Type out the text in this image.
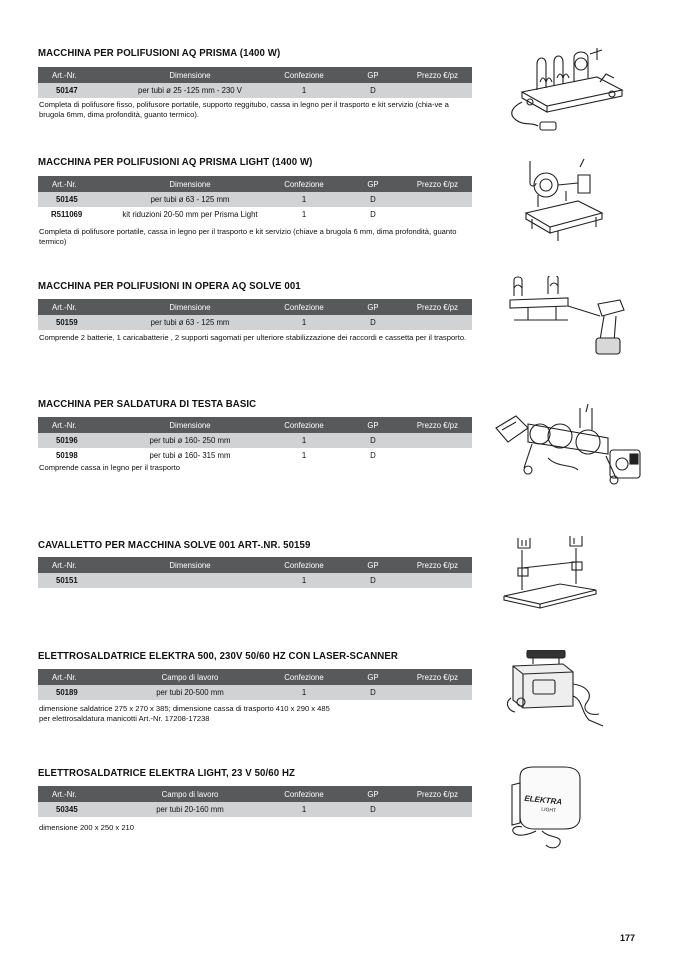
MACCHINA PER POLIFUSIONI AQ PRISMA (1400 W)
Art.-Nr.	Dimensione	Confezione	GP	Prezzo €/pz
50147	per tubi ø 25 -125 mm - 230 V	1	D	
Completa di polifusore fisso, polifusore portatile, supporto reggitubo, cassa in legno per il trasporto e kit servizio (chia-ve a brugola 6mm, dima profondità, guanto termico).
MACCHINA PER POLIFUSIONI AQ PRISMA LIGHT (1400 W)
Art.-Nr.	Dimensione	Confezione	GP	Prezzo €/pz
50145	per tubi ø 63 - 125 mm	1	D	
R511069	kit riduzioni 20-50 mm per Prisma Light	1	D	
Completa di polifusore portatile, cassa in legno per il trasporto e kit servizio (chiave a brugola 6 mm, dima profondità, guanto termico)
MACCHINA PER POLIFUSIONI IN OPERA AQ SOLVE 001
Art.-Nr.	Dimensione	Confezione	GP	Prezzo €/pz
50159	per tubi ø 63 - 125 mm	1	D	
Comprende 2 batterie, 1 caricabatterie , 2 supporti sagomati per ulteriore stabilizzazione dei raccordi e cassetta per il trasporto.
MACCHINA PER SALDATURA DI TESTA BASIC
Art.-Nr.	Dimensione	Confezione	GP	Prezzo €/pz
50196	per tubi ø 160- 250 mm	1	D	
50198	per tubi ø 160- 315 mm	1	D	
Comprende cassa in legno per il trasporto
CAVALLETTO PER MACCHINA SOLVE 001 ART-.NR. 50159
Art.-Nr.	Dimensione	Confezione	GP	Prezzo €/pz
50151		1	D	
ELETTROSALDATRICE ELEKTRA 500, 230V 50/60 HZ CON LASER-SCANNER
Art.-Nr.	Campo di lavoro	Confezione	GP	Prezzo €/pz
50189	per tubi 20-500 mm	1	D	
dimensione saldatrice 275 x 270 x 385; dimensione cassa di trasporto 410 x 290 x 485
per elettrosaldatura manicotti Art.-Nr. 17208-17238
ELETTROSALDATRICE ELEKTRA LIGHT, 23 V 50/60 HZ
Art.-Nr.	Campo di lavoro	Confezione	GP	Prezzo €/pz
50345	per tubi 20-160 mm	1	D	
dimensione 200 x 250 x 210
ELEKTRA
LIGHT
177
